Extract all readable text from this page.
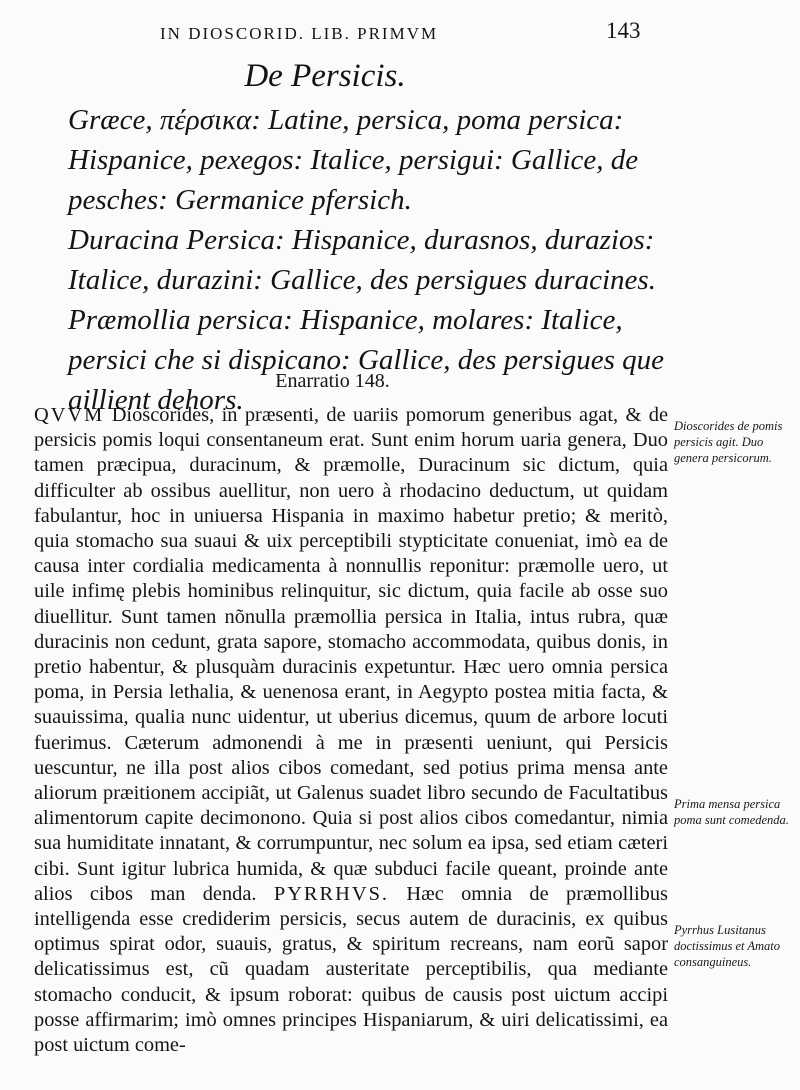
IN DIOSCORID. LIB. PRIMVM	143
De Persicis.

Græce, πέρσικα: Latine, persica, poma persica: Hispanice, pexegos: Italice, persigui: Gallice, de pesches: Germanice pfersich.

Duracina Persica: Hispanice, durasnos, durazios: Italice, durazini: Gallice, des persigues duracines.

Præmollia persica: Hispanice, molares: Italice, persici che si dispicano: Gallice, des persigues que aillient dehors.

Enarratio 148.

QVVM Dioscorides, in præsenti, de uariis pomorum generibus agat, & de persicis pomis loqui consentaneum erat. Sunt enim horum uaria genera, Duo tamen præcipua, duracinum, & præmolle, Duracinum sic dictum, quia difficulter ab ossibus auellitur, non uero à rhodacino deductum, ut quidam fabulantur, hoc in uniuersa Hispania in maximo habetur pretio; & meritò, quia stomacho sua suaui & uix perceptibili stypticitate conueniat, imò ea de causa inter cordialia medicamenta à nonnullis reponitur: præmolle uero, ut uile infimę plebis hominibus relinquitur, sic dictum, quia facile ab osse suo diuellitur. Sunt tamen nõnulla præmollia persica in Italia, intus rubra, quæ duracinis non cedunt, grata sapore, stomacho accommodata, quibus donis, in pretio habentur, & plusquàm duracinis expetuntur. Hæc uero omnia persica poma, in Persia lethalia, & uenenosa erant, in Aegypto postea mitia facta, & suauissima, qualia nunc uidentur, ut uberius dicemus, quum de arbore locuti fuerimus. Cæterum admonendi à me in præsenti ueniunt, qui Persicis uescuntur, ne illa post alios cibos comedant, sed potius prima mensa ante aliorum præitionem accipiãt, ut Galenus suadet libro secundo de Facultatibus alimentorum capite decimonono. Quia si post alios cibos comedantur, nimia sua humiditate innatant, & corrumpuntur, nec solum ea ipsa, sed etiam cæteri cibi. Sunt igitur lubrica humida, & quæ subduci facile queant, proinde ante alios cibos man denda. PYRRHVS. Hæc omnia de præmollibus intelligenda esse crediderim persicis, secus autem de duracinis, ex quibus optimus spirat odor, suauis, gratus, & spiritum recreans, nam eorũ sapor delicatissimus est, cũ quadam austeritate perceptibilis, qua mediante stomacho conducit, & ipsum roborat: quibus de causis post uictum accipi posse affirmarim; imò omnes principes Hispaniarum, & uiri delicatissimi, ea post uictum come-

Dioscorides de pomis persicis agit. Duo genera persicorum.
Prima mensa persica poma sunt comedenda.
Pyrrhus Lusitanus doctissimus et Amato consanguineus.
